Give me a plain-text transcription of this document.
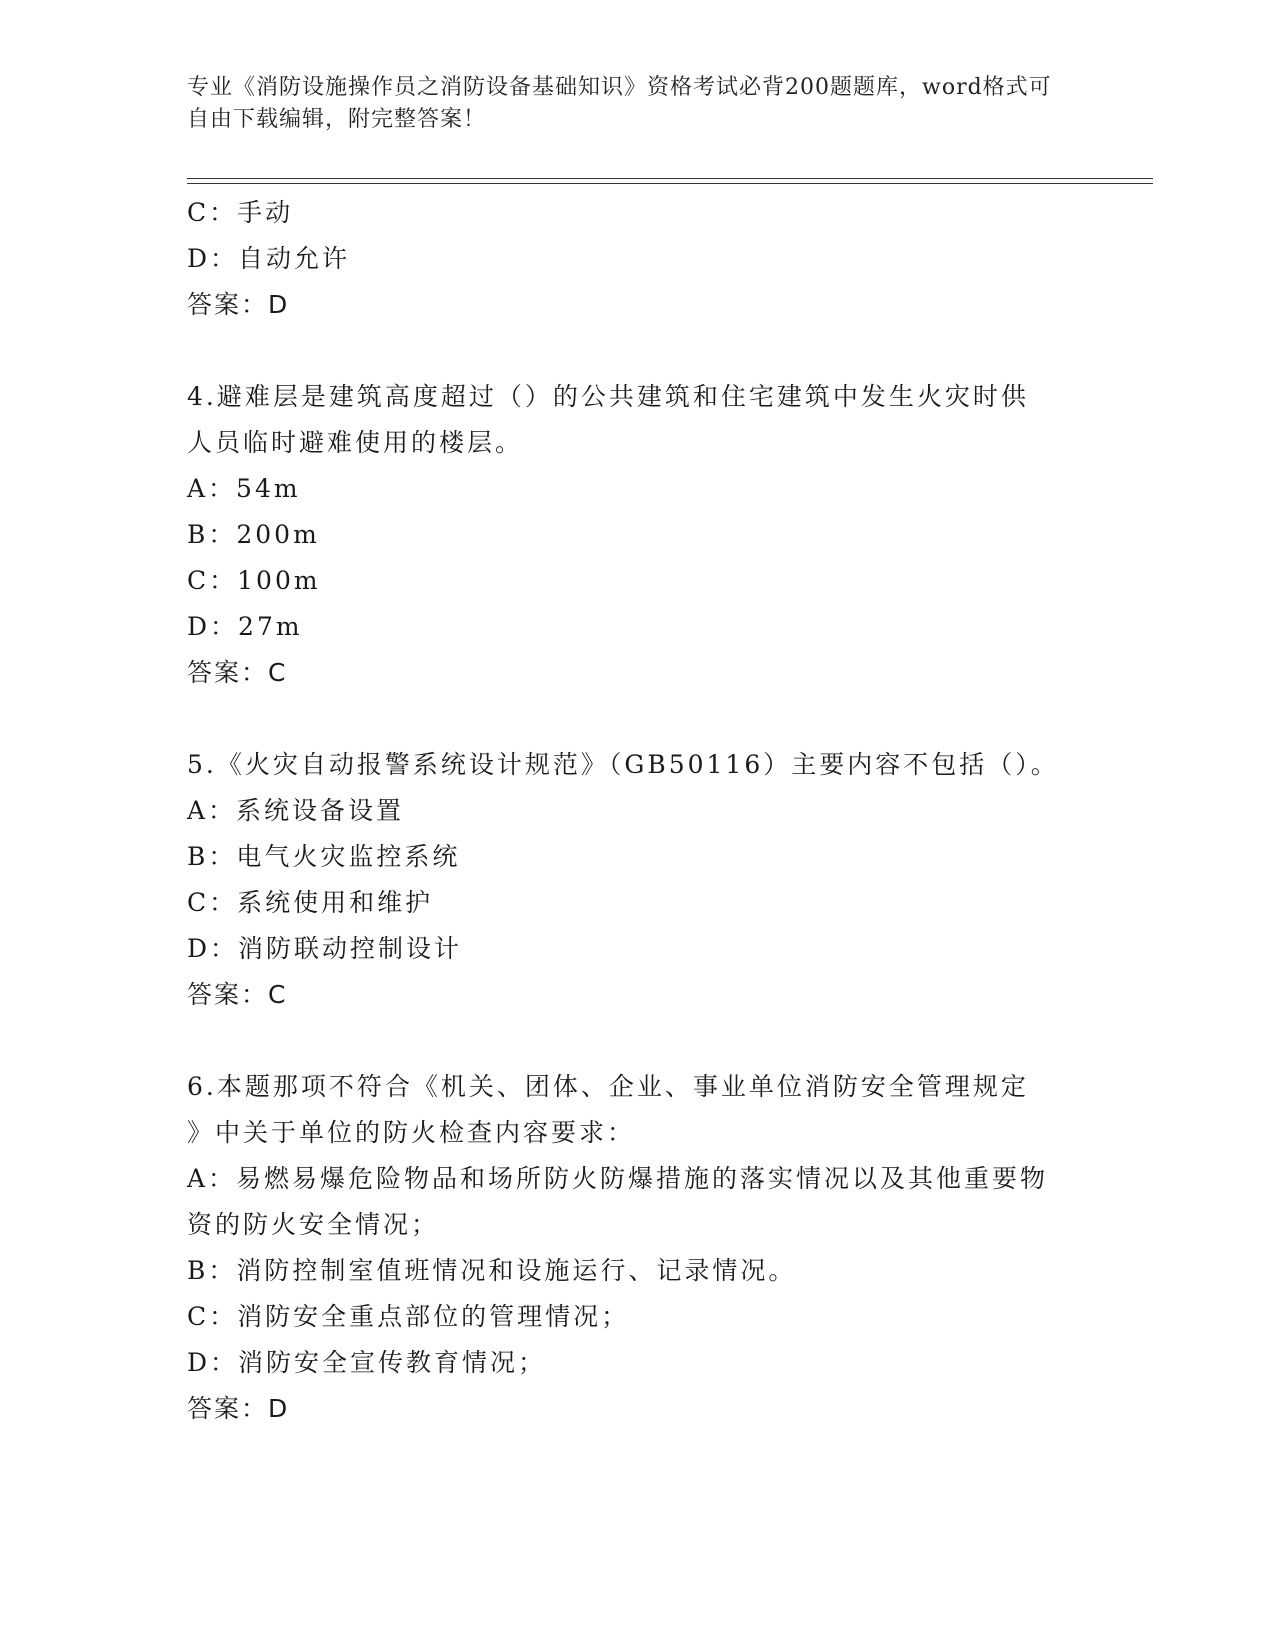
专业《消防设施操作员之消防设备基础知识》资格考试必背200题题库，word格式可自由下载编辑，附完整答案！
C：手动
D：自动允许
答案：D
4.避难层是建筑高度超过（）的公共建筑和住宅建筑中发生火灾时供
人员临时避难使用的楼层。
A：54m
B：200m
C：100m
D：27m
答案：C
5.《火灾自动报警系统设计规范》（GB50116）主要内容不包括（）。
A：系统设备设置
B：电气火灾监控系统
C：系统使用和维护
D：消防联动控制设计
答案：C
6.本题那项不符合《机关、团体、企业、事业单位消防安全管理规定
》中关于单位的防火检查内容要求：
A：易燃易爆危险物品和场所防火防爆措施的落实情况以及其他重要物
资的防火安全情况；
B：消防控制室值班情况和设施运行、记录情况。
C：消防安全重点部位的管理情况；
D：消防安全宣传教育情况；
答案：D
